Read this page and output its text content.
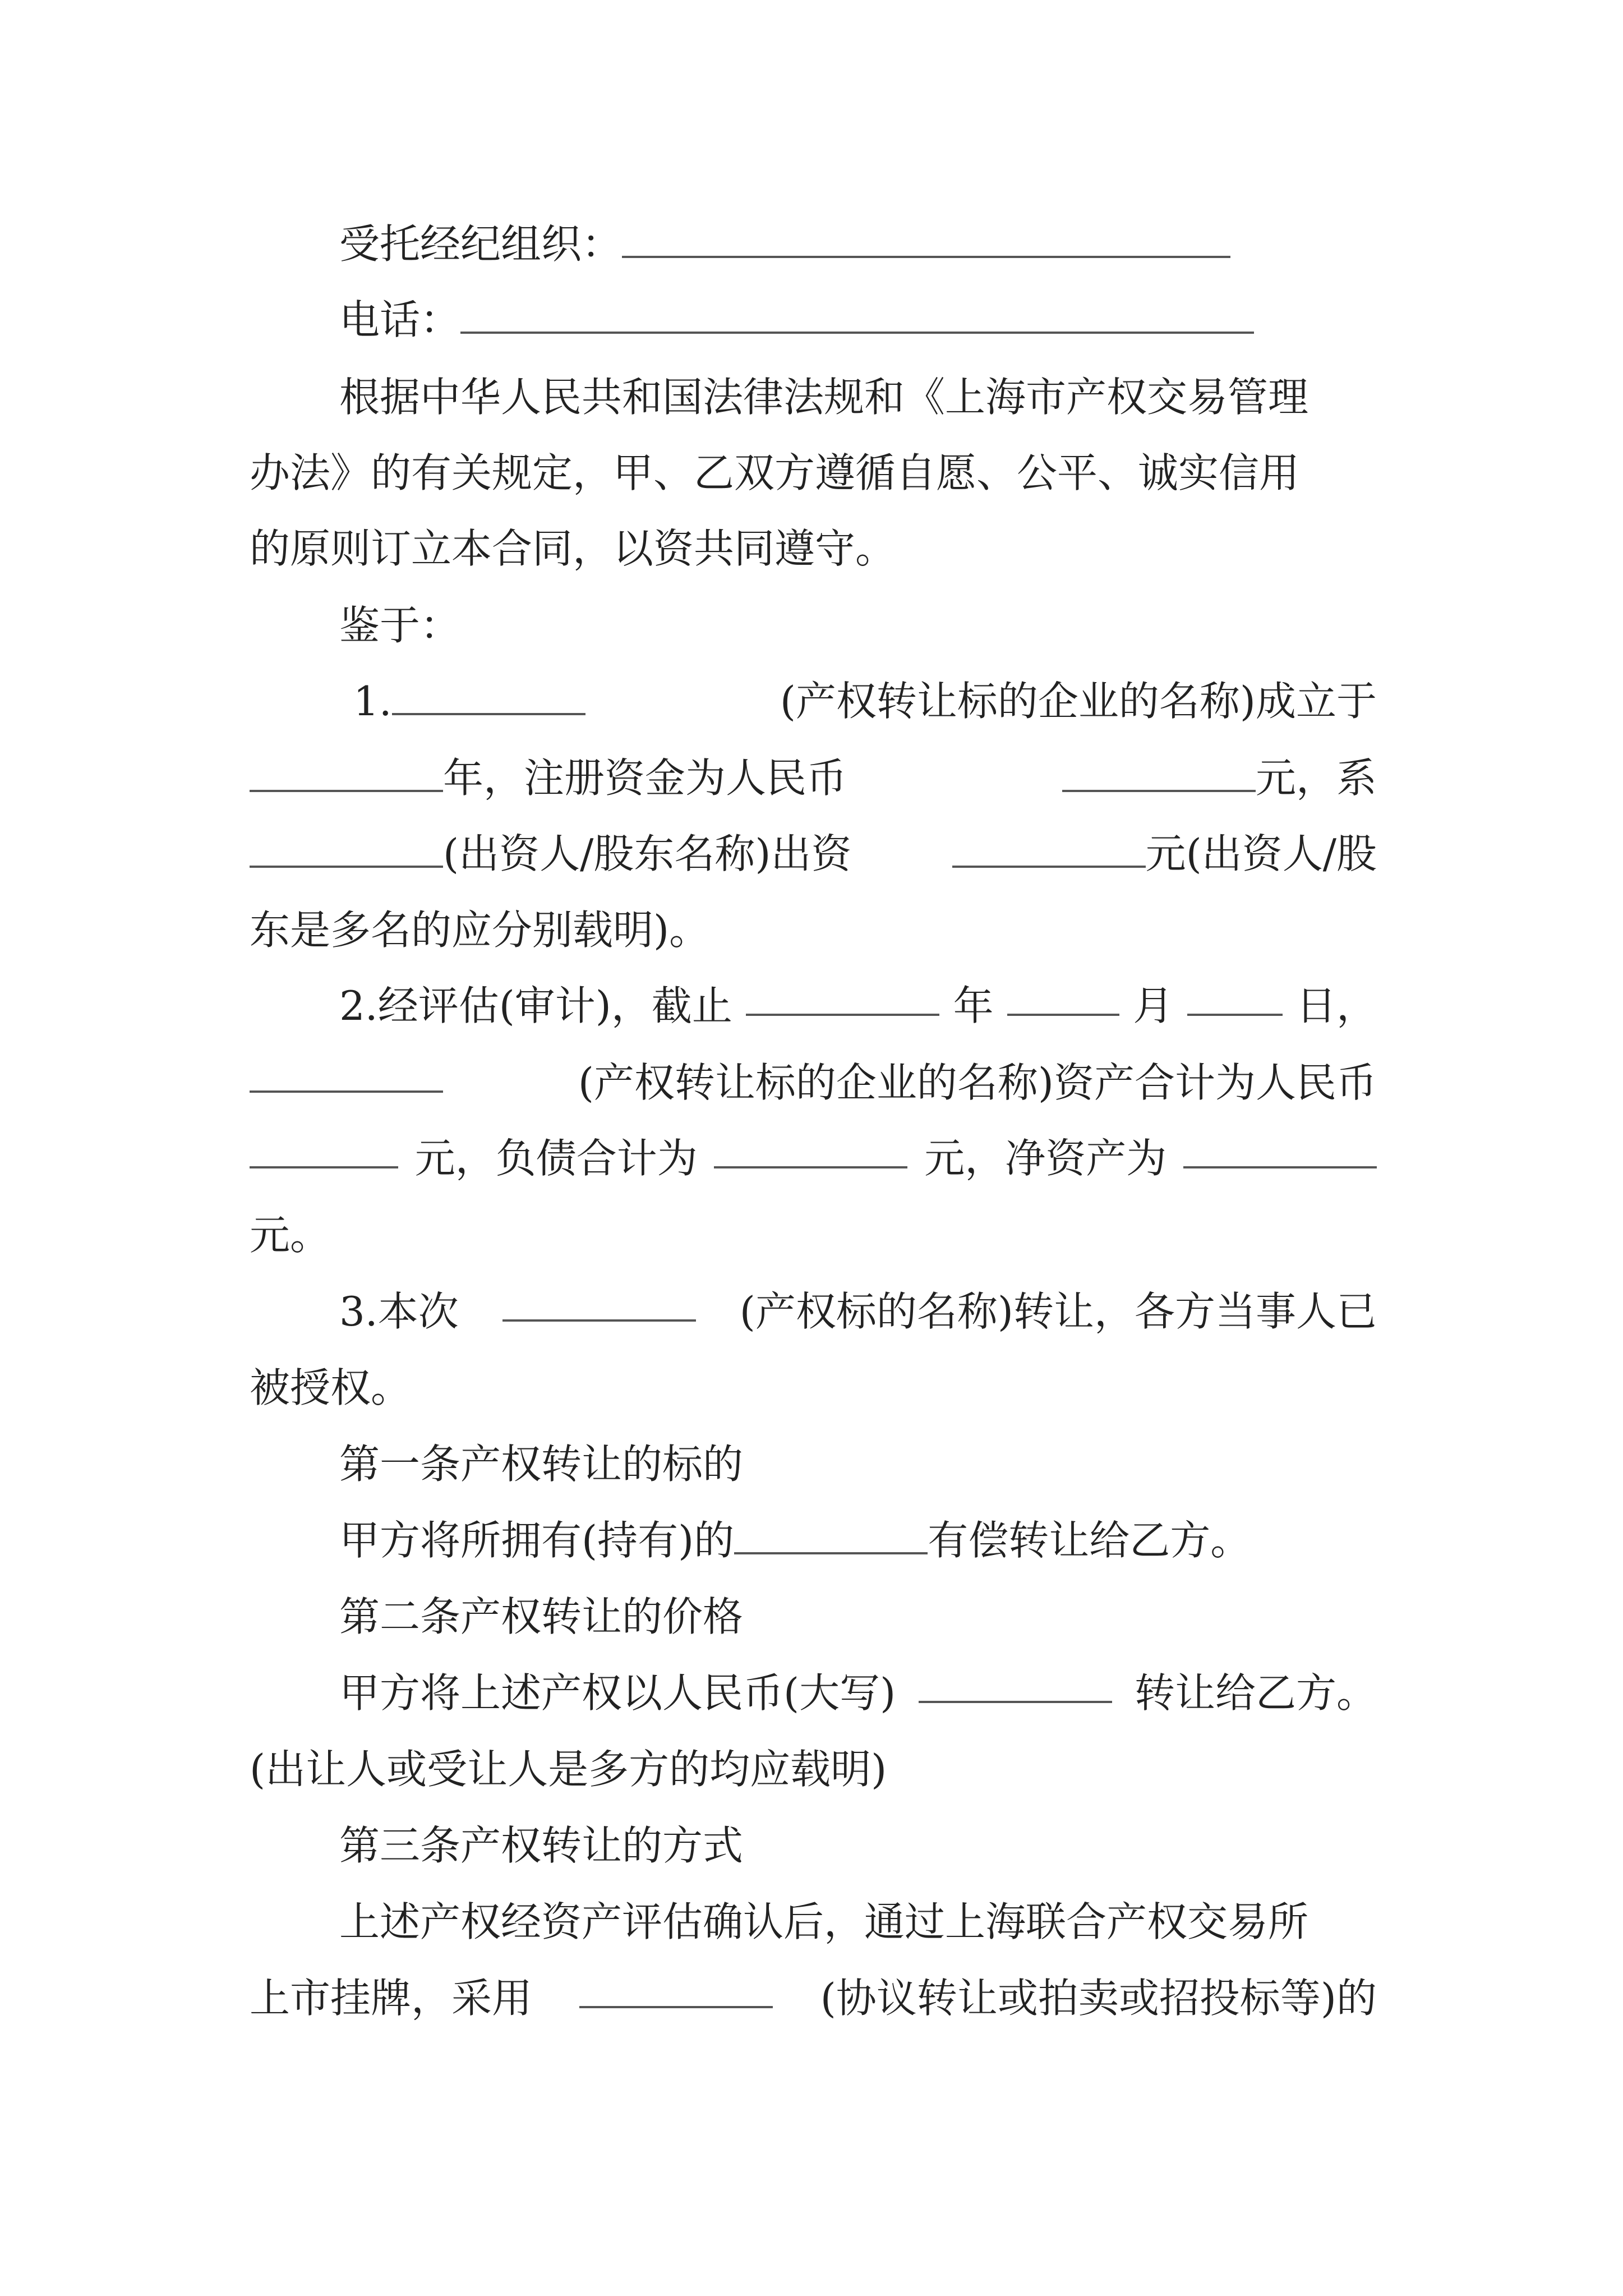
受托经纪组织：
电话：
根据中华人民共和国法律法规和《上海市产权交易管理
办法》的有关规定，甲、乙双方遵循自愿、公平、诚实信用
的原则订立本合同，以资共同遵守。
鉴于：
1.	(产权转让标的企业的名称)成立于
年，注册资金为人民币	元，系
(出资人/股东名称)出资	元(出资人/股
东是多名的应分别载明)。
2.经评估(审计)，截止	年	月	日，
(产权转让标的企业的名称)资产合计为人民币
元，负债合计为	元，净资产为
元。
3.本次	(产权标的名称)转让，各方当事人已
被授权。
第一条产权转让的标的
甲方将所拥有(持有)的	有偿转让给乙方。
第二条产权转让的价格
甲方将上述产权以人民币(大写)	转让给乙方。
(出让人或受让人是多方的均应载明)
第三条产权转让的方式
上述产权经资产评估确认后，通过上海联合产权交易所
上市挂牌，采用	(协议转让或拍卖或招投标等)的
